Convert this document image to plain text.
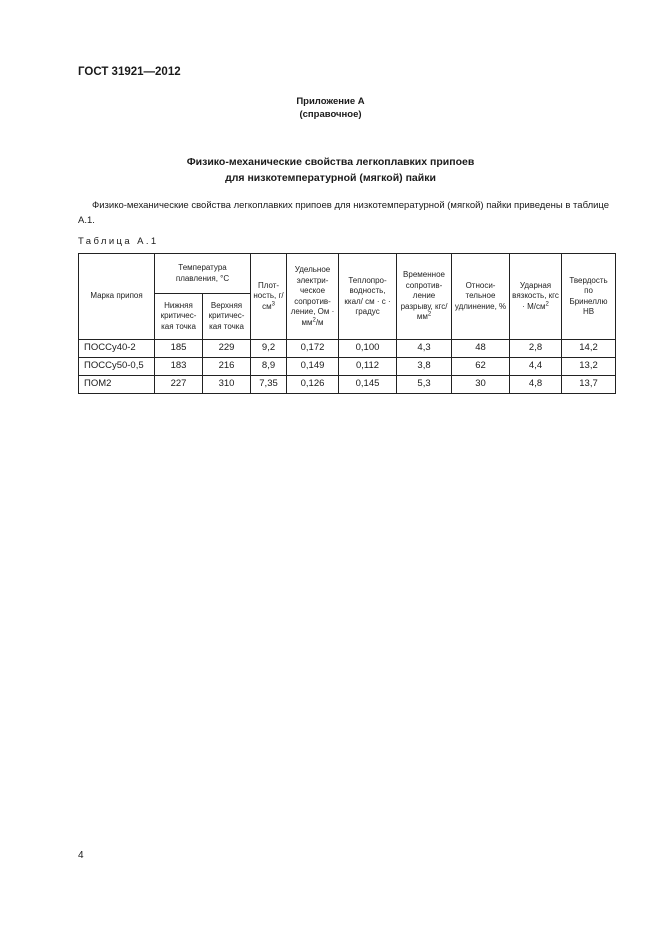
ГОСТ 31921—2012
Приложение А
(справочное)
Физико-механические свойства легкоплавких припоев
для низкотемпературной (мягкой) пайки
Физико-механические свойства легкоплавких припоев для низкотемпературной (мягкой) пайки приведены в таблице А.1.
Таблица А.1
Марка припоя	Температура плавления, °С		Плот-ность, $г/см^3$	Удельное электри-ческое сопротив-ление, Ом · $мм^2/м$	Теплопро-водность, ккал/ см · с · градус	Временное сопротив-ление разрыву, кгс/$мм^2$	Относи-тельное удлинение, %	Ударная вязкость, кгс · $М/см^2$	Твердость по Бринеллю НВ
	Нижняя критичес-кая точка	Верхняя критичес-кая точка							
ПОССу40-2	185	229	9,2	0,172	0,100	4,3	48	2,8	14,2
ПОССу50-0,5	183	216	8,9	0,149	0,112	3,8	62	4,4	13,2
ПОМ2	227	310	7,35	0,126	0,145	5,3	30	4,8	13,7
4
